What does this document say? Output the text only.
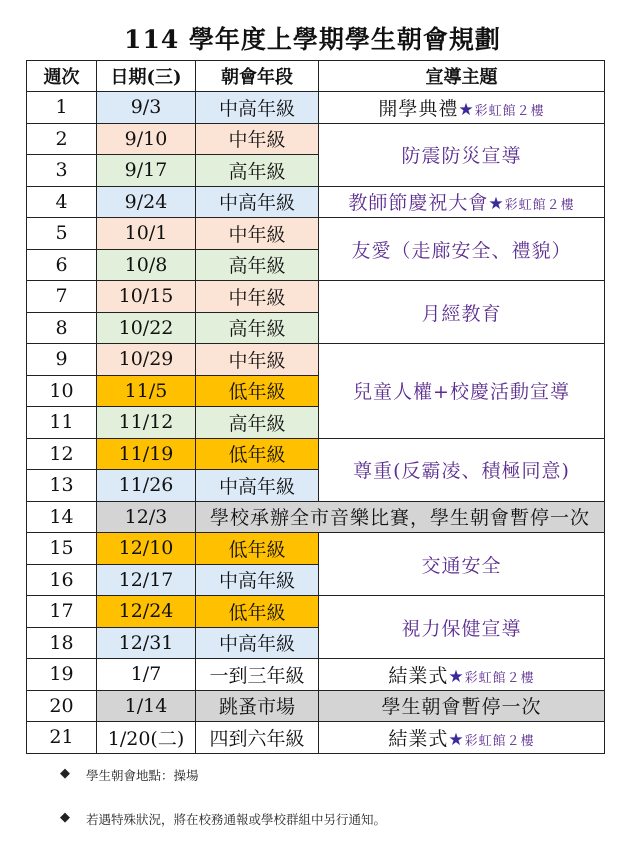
114 學年度上學期學生朝會規劃
週次	日期(三)	朝會年段	宣導主題
1	9/3	中高年級	開學典禮★彩虹館２樓
2	9/10	中年級	防震防災宣導
3	9/17	高年級	
4	9/24	中高年級	教師節慶祝大會★彩虹館２樓
5	10/1	中年級	友愛（走廊安全、禮貌）
6	10/8	高年級	
7	10/15	中年級	月經教育
8	10/22	高年級	
9	10/29	中年級	兒童人權+校慶活動宣導
10	11/5	低年級	
11	11/12	高年級	
12	11/19	低年級	尊重(反霸凌、積極同意)
13	11/26	中高年級	
14	12/3	學校承辦全市音樂比賽，學生朝會暫停一次	
15	12/10	低年級	交通安全
16	12/17	中高年級	
17	12/24	低年級	視力保健宣導
18	12/31	中高年級	
19	1/7	一到三年級	結業式★彩虹館２樓
20	1/14	跳蚤市場	學生朝會暫停一次
21	1/20(二)	四到六年級	結業式★彩虹館２樓
◆	學生朝會地點：操場
◆	若遇特殊狀況，將在校務通報或學校群組中另行通知。
